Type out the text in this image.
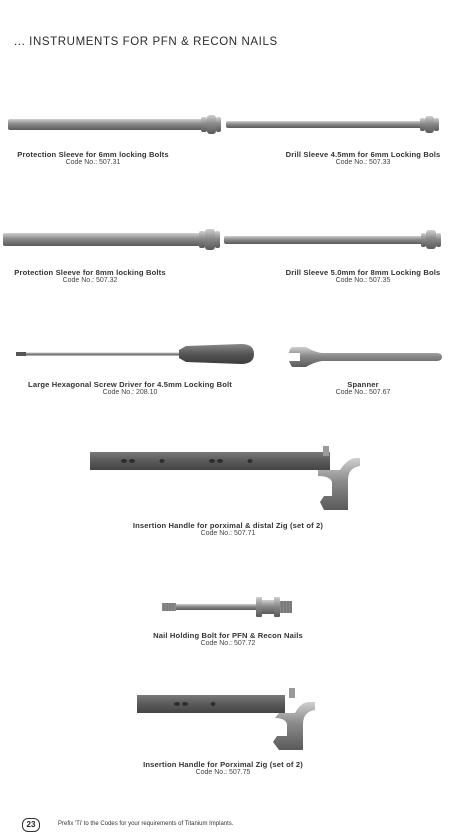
... INSTRUMENTS FOR PFN & RECON NAILS
Protection Sleeve for 6mm locking Bolts
Code No.: 507.31
Drill Sleeve 4.5mm for 6mm Locking Bols
Code No.: 507.33
Protection Sleeve for 8mm locking Bolts
Code No.: 507.32
Drill Sleeve 5.0mm for 8mm Locking Bols
Code No.: 507.35
Large Hexagonal Screw Driver for 4.5mm Locking Bolt
Code No.: 208.10
Spanner
Code No.: 507.67
Insertion Handle for porximal & distal Zig (set of 2)
Code No.: 507.71
Nail Holding Bolt for PFN & Recon Nails
Code No.: 507.72
Insertion Handle for Porximal Zig (set of 2)
Code No.: 507.75
23	Prefix 'Ti' to the Codes for your requirements of Titanium Implants.
